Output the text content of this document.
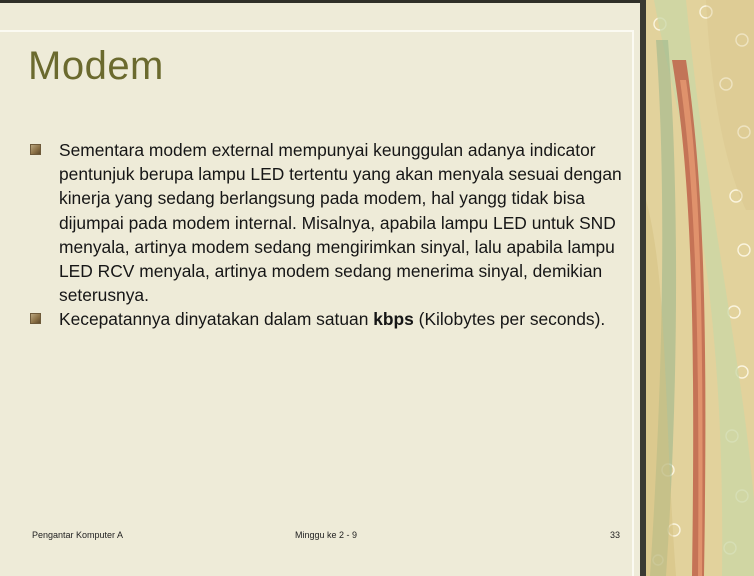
Modem
Sementara modem external mempunyai keunggulan adanya indicator pentunjuk berupa lampu LED tertentu yang akan menyala sesuai dengan kinerja yang sedang berlangsung pada modem, hal yangg tidak bisa dijumpai pada modem internal. Misalnya, apabila lampu LED untuk SND menyala, artinya modem sedang mengirimkan sinyal, lalu apabila lampu LED RCV menyala, artinya modem sedang menerima sinyal, demikian seterusnya.
Kecepatannya dinyatakan dalam satuan kbps (Kilobytes per seconds).
Pengantar Komputer A	Minggu ke 2 - 9	33
